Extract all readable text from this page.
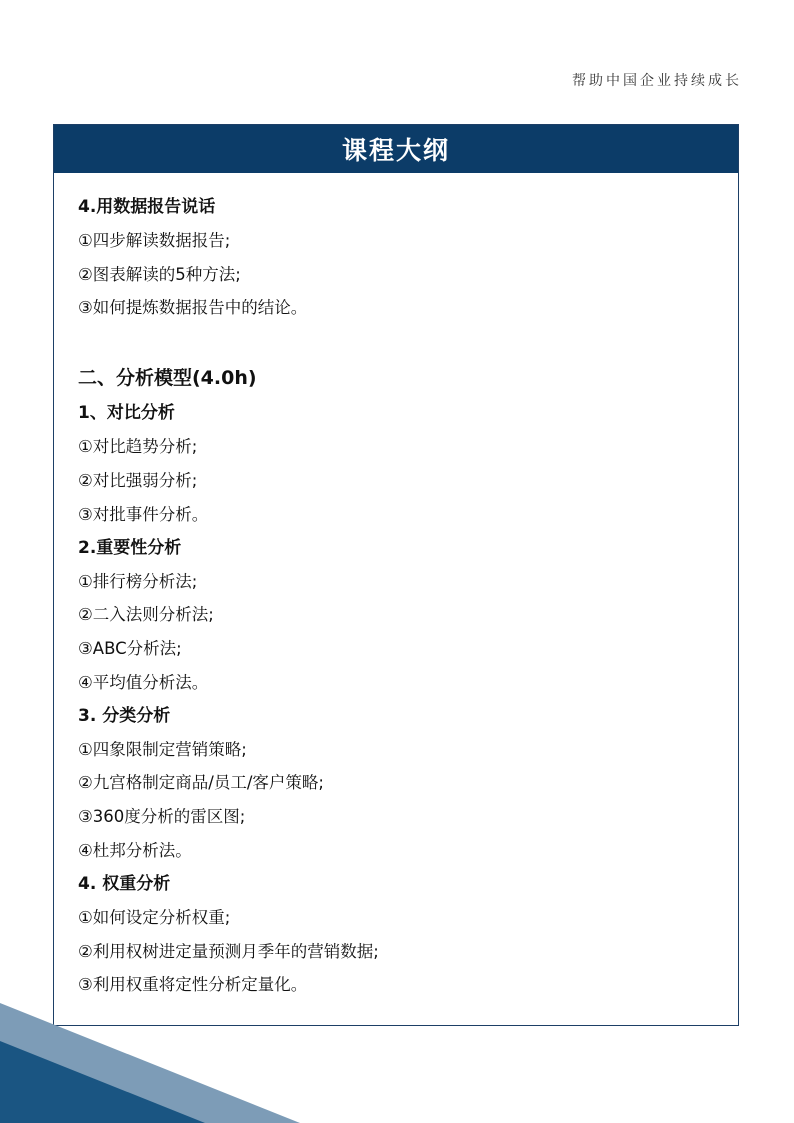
帮助中国企业持续成长
课程大纲
4.用数据报告说话
①四步解读数据报告;
②图表解读的5种方法;
③如何提炼数据报告中的结论。
二、分析模型(4.0h)
1、对比分析
①对比趋势分析;
②对比强弱分析;
③对批事件分析。
2.重要性分析
①排行榜分析法;
②二入法则分析法;
③ABC分析法;
④平均值分析法。
3. 分类分析
①四象限制定营销策略;
②九宫格制定商品/员工/客户策略;
③360度分析的雷区图;
④杜邦分析法。
4. 权重分析
①如何设定分析权重;
②利用权树进定量预测月季年的营销数据;
③利用权重将定性分析定量化。
